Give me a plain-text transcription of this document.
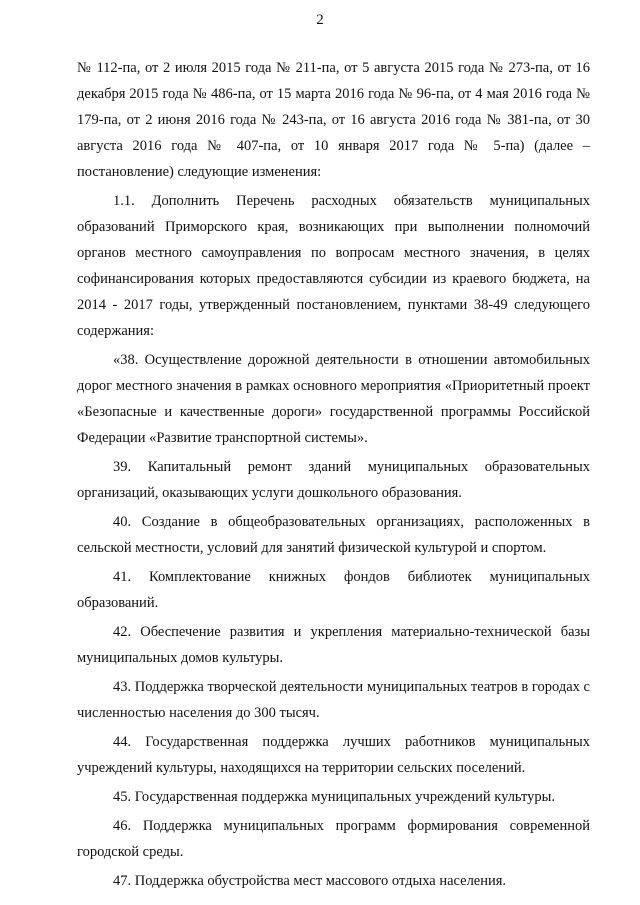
2

№ 112-па, от 2 июля 2015 года № 211-па, от 5 августа 2015 года № 273-па, от 16 декабря 2015 года № 486-па, от 15 марта 2016 года № 96-па, от 4 мая 2016 года № 179-па, от 2 июня 2016 года № 243-па, от 16 августа 2016 года № 381-па, от 30 августа 2016 года № 407-па, от 10 января 2017 года № 5-па) (далее – постановление) следующие изменения:

1.1. Дополнить Перечень расходных обязательств муниципальных образований Приморского края, возникающих при выполнении полномочий органов местного самоуправления по вопросам местного значения, в целях софинансирования которых предоставляются субсидии из краевого бюджета, на 2014 - 2017 годы, утвержденный постановлением, пунктами 38-49 следующего содержания:

«38. Осуществление дорожной деятельности в отношении автомобильных дорог местного значения в рамках основного мероприятия «Приоритетный проект «Безопасные и качественные дороги» государственной программы Российской Федерации «Развитие транспортной системы».

39. Капитальный ремонт зданий муниципальных образовательных организаций, оказывающих услуги дошкольного образования.

40. Создание в общеобразовательных организациях, расположенных в сельской местности, условий для занятий физической культурой и спортом.

41. Комплектование книжных фондов библиотек муниципальных образований.

42. Обеспечение развития и укрепления материально-технической базы муниципальных домов культуры.

43. Поддержка творческой деятельности муниципальных театров в городах с численностью населения до 300 тысяч.

44. Государственная поддержка лучших работников муниципальных учреждений культуры, находящихся на территории сельских поселений.

45. Государственная поддержка муниципальных учреждений культуры.

46. Поддержка муниципальных программ формирования современной городской среды.

47. Поддержка обустройства мест массового отдыха населения.
